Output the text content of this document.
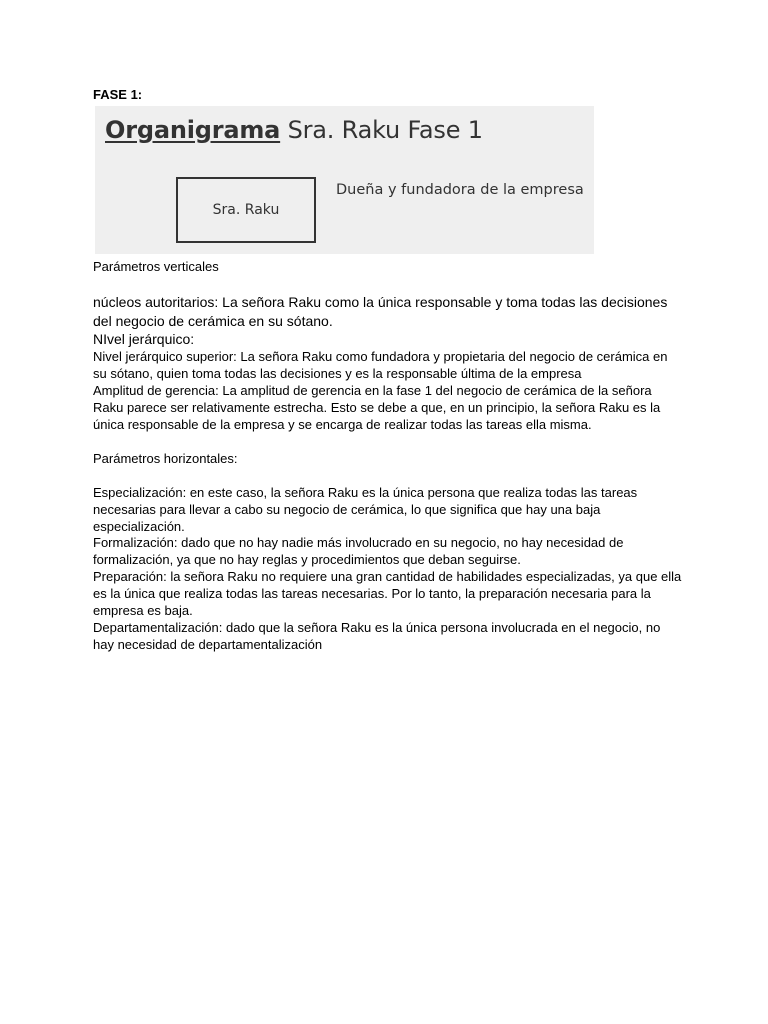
FASE 1:

Organigrama Sra. Raku Fase 1

Sra. Raku

Dueña y fundadora de la empresa

Parámetros verticales

núcleos autoritarios: La señora Raku como la única responsable y toma todas las decisiones del negocio de cerámica en su sótano.

NIvel jerárquico:

Nivel jerárquico superior: La señora Raku como fundadora y propietaria del negocio de cerámica en su sótano, quien toma todas las decisiones y es la responsable última de la empresa

Amplitud de gerencia: La amplitud de gerencia en la fase 1 del negocio de cerámica de la señora Raku parece ser relativamente estrecha. Esto se debe a que, en un principio, la señora Raku es la única responsable de la empresa y se encarga de realizar todas las tareas ella misma.

Parámetros horizontales:

Especialización: en este caso, la señora Raku es la única persona que realiza todas las tareas necesarias para llevar a cabo su negocio de cerámica, lo que significa que hay una baja especialización.

Formalización: dado que no hay nadie más involucrado en su negocio, no hay necesidad de formalización, ya que no hay reglas y procedimientos que deban seguirse.

Preparación: la señora Raku no requiere una gran cantidad de habilidades especializadas, ya que ella es la única que realiza todas las tareas necesarias. Por lo tanto, la preparación necesaria para la empresa es baja.

Departamentalización: dado que la señora Raku es la única persona involucrada en el negocio, no hay necesidad de departamentalización
